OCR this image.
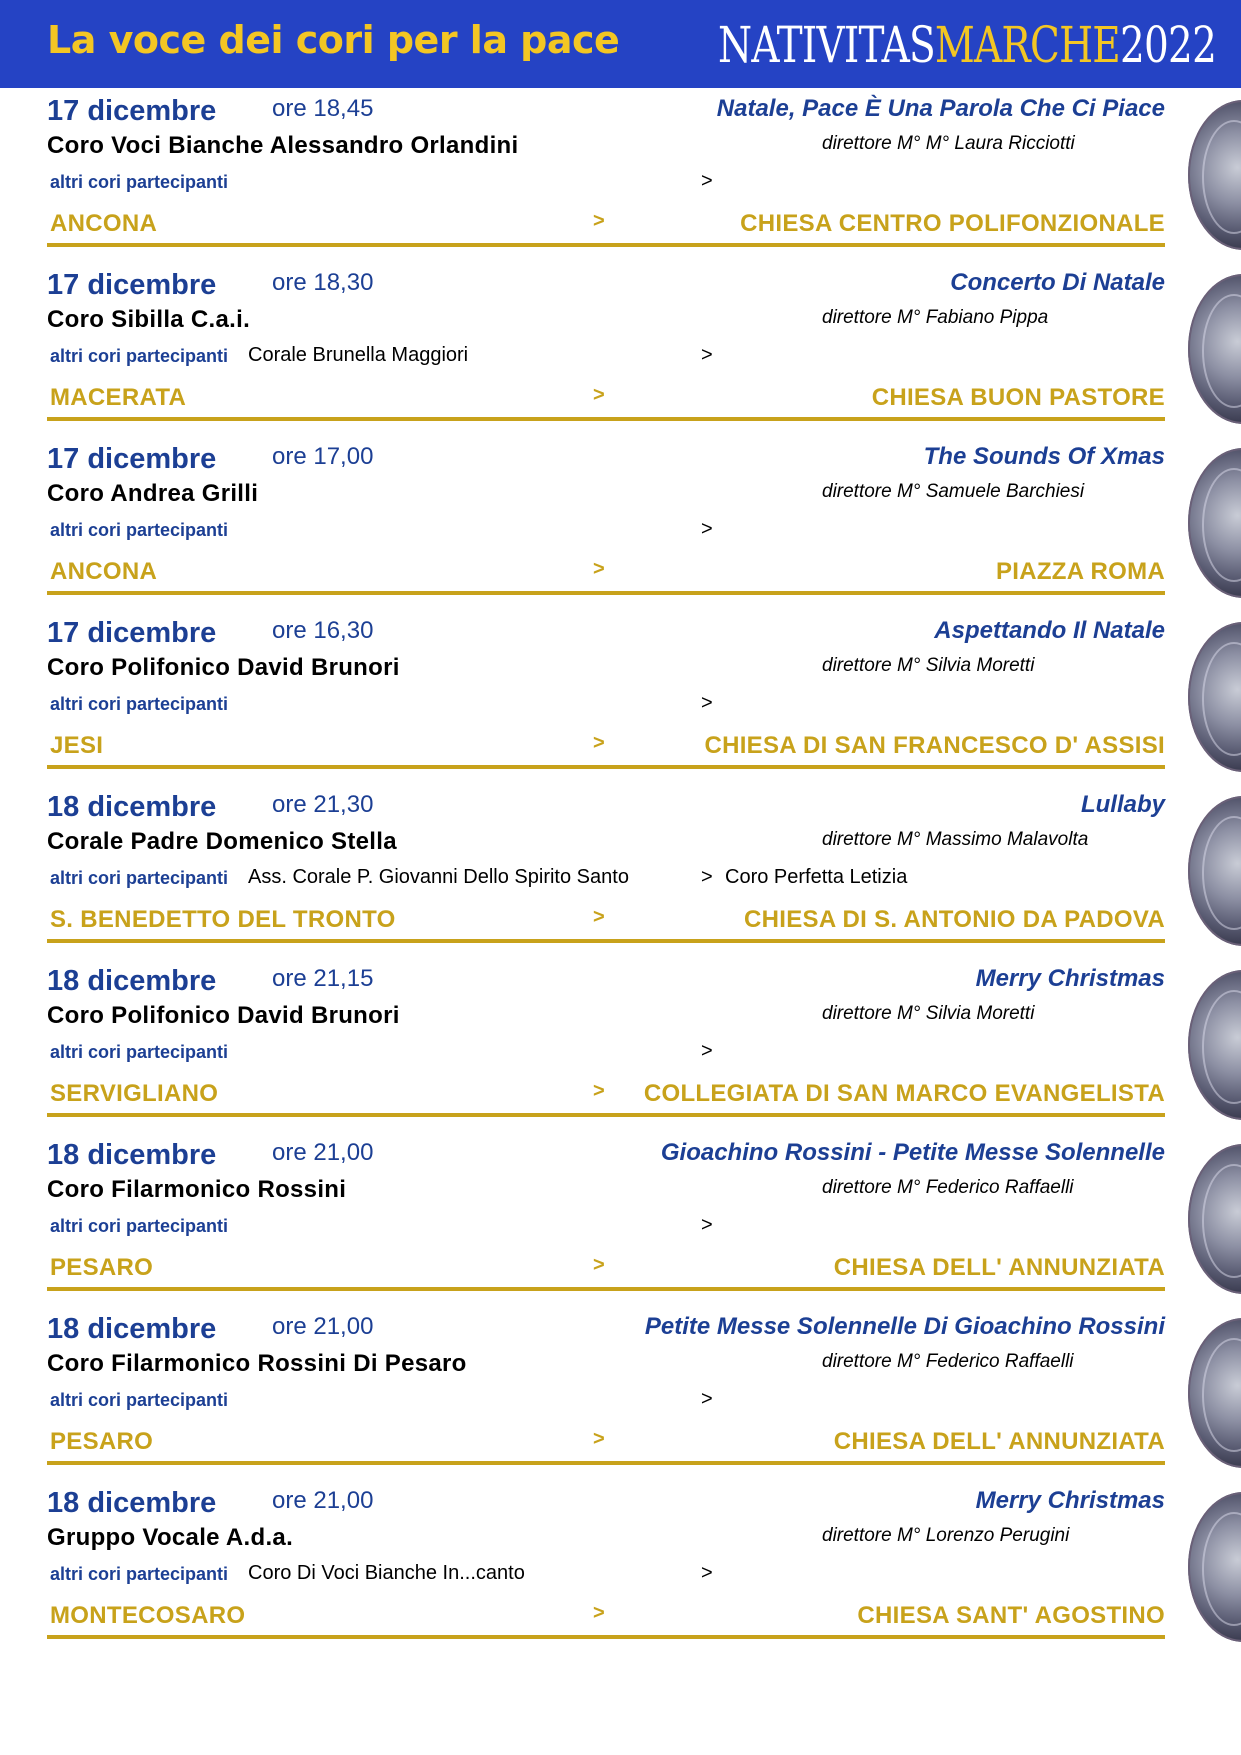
La voce dei cori per la pace NATIVITASMARCHE2022
17 dicembre ore 18,45	Natale, Pace È Una Parola Che Ci Piace
Coro Voci Bianche Alessandro Orlandini	direttore M° M° Laura Ricciotti
altri cori partecipanti	>
ANCONA	>	CHIESA CENTRO POLIFONZIONALE
17 dicembre ore 18,30	Concerto Di Natale
Coro Sibilla C.a.i.	direttore M° Fabiano Pippa
altri cori partecipanti Corale Brunella Maggiori	>
MACERATA	>	CHIESA BUON PASTORE
17 dicembre ore 17,00	The Sounds Of Xmas
Coro Andrea Grilli	direttore M° Samuele Barchiesi
altri cori partecipanti	>
ANCONA	>	PIAZZA ROMA
17 dicembre ore 16,30	Aspettando Il Natale
Coro Polifonico David Brunori	direttore M° Silvia Moretti
altri cori partecipanti	>
JESI	>	CHIESA DI SAN FRANCESCO D' ASSISI
18 dicembre ore 21,30	Lullaby
Corale Padre Domenico Stella	direttore M° Massimo Malavolta
altri cori partecipanti Ass. Corale P. Giovanni Dello Spirito Santo	> Coro Perfetta Letizia
S. BENEDETTO DEL TRONTO	>	CHIESA DI S. ANTONIO DA PADOVA
18 dicembre ore 21,15	Merry Christmas
Coro Polifonico David Brunori	direttore M° Silvia Moretti
altri cori partecipanti	>
SERVIGLIANO	> COLLEGIATA DI SAN MARCO EVANGELISTA
18 dicembre ore 21,00	Gioachino Rossini - Petite Messe Solennelle
Coro Filarmonico Rossini	direttore M° Federico Raffaelli
altri cori partecipanti	>
PESARO	>	CHIESA DELL' ANNUNZIATA
18 dicembre ore 21,00	Petite Messe Solennelle Di Gioachino Rossini
Coro Filarmonico Rossini Di Pesaro	direttore M° Federico Raffaelli
altri cori partecipanti	>
PESARO	>	CHIESA DELL' ANNUNZIATA
18 dicembre ore 21,00	Merry Christmas
Gruppo Vocale A.d.a.	direttore M° Lorenzo Perugini
altri cori partecipanti Coro Di Voci Bianche In...canto	>
MONTECOSARO	>	CHIESA SANT' AGOSTINO
